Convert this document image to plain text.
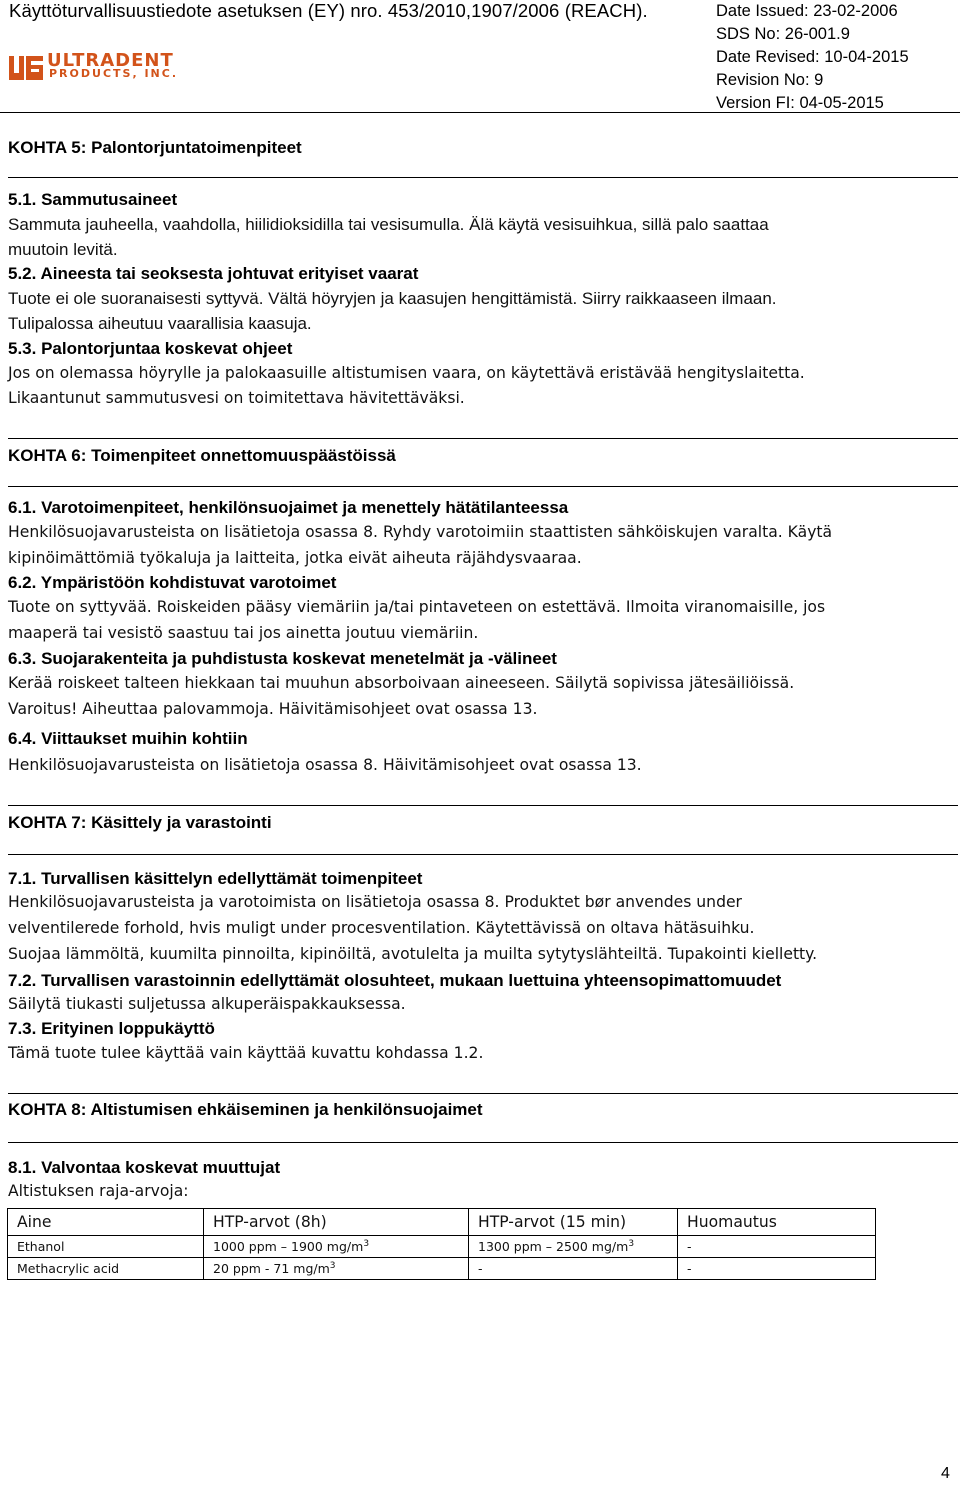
Käyttöturvallisuustiedote asetuksen (EY) nro. 453/2010,1907/2006 (REACH).	Date Issued: 23-02-2006
SDS No: 26-001.9
Date Revised: 10-04-2015
Revision No: 9
Version FI: 04-05-2015
ULTRADENT
PRODUCTS, INC.
KOHTA 5: Palontorjuntatoimenpiteet
5.1. Sammutusaineet
Sammuta jauheella, vaahdolla, hiilidioksidilla tai vesisumulla. Älä käytä vesisuihkua, sillä palo saattaa
muutoin levitä.
5.2. Aineesta tai seoksesta johtuvat erityiset vaarat
Tuote ei ole suoranaisesti syttyvä. Vältä höyryjen ja kaasujen hengittämistä. Siirry raikkaaseen ilmaan.
Tulipalossa aiheutuu vaarallisia kaasuja.
5.3. Palontorjuntaa koskevat ohjeet
Jos on olemassa höyrylle ja palokaasuille altistumisen vaara, on käytettävä eristävää hengityslaitetta.
Likaantunut sammutusvesi on toimitettava hävitettäväksi.
KOHTA 6: Toimenpiteet onnettomuuspäästöissä
6.1. Varotoimenpiteet, henkilönsuojaimet ja menettely hätätilanteessa
Henkilösuojavarusteista on lisätietoja osassa 8. Ryhdy varotoimiin staattisten sähköiskujen varalta. Käytä
kipinöimättömiä työkaluja ja laitteita, jotka eivät aiheuta räjähdysvaaraa.
6.2. Ympäristöön kohdistuvat varotoimet
Tuote on syttyvää. Roiskeiden pääsy viemäriin ja/tai pintaveteen on estettävä. Ilmoita viranomaisille, jos
maaperä tai vesistö saastuu tai jos ainetta joutuu viemäriin.
6.3. Suojarakenteita ja puhdistusta koskevat menetelmät ja -välineet
Kerää roiskeet talteen hiekkaan tai muuhun absorboivaan aineeseen. Säilytä sopivissa jätesäiliöissä.
Varoitus! Aiheuttaa palovammoja. Häivitämisohjeet ovat osassa 13.
6.4. Viittaukset muihin kohtiin
Henkilösuojavarusteista on lisätietoja osassa 8. Häivitämisohjeet ovat osassa 13.
KOHTA 7: Käsittely ja varastointi
7.1. Turvallisen käsittelyn edellyttämät toimenpiteet
Henkilösuojavarusteista ja varotoimista on lisätietoja osassa 8. Produktet bør anvendes under
velventilerede forhold, hvis muligt under procesventilation. Käytettävissä on oltava hätäsuihku.
Suojaa lämmöltä, kuumilta pinnoilta, kipinöiltä, avotulelta ja muilta sytytyslähteiltä. Tupakointi kielletty.
7.2. Turvallisen varastoinnin edellyttämät olosuhteet, mukaan luettuina yhteensopimattomuudet
Säilytä tiukasti suljetussa alkuperäispakkauksessa.
7.3. Erityinen loppukäyttö
Tämä tuote tulee käyttää vain käyttää kuvattu kohdassa 1.2.
KOHTA 8: Altistumisen ehkäiseminen ja henkilönsuojaimet
8.1. Valvontaa koskevat muuttujat
Altistuksen raja-arvoja:
Aine	HTP-arvot (8h)	HTP-arvot (15 min)	Huomautus
Ethanol	1000 ppm – 1900 $mg/m^3$	1300 ppm – 2500 $mg/m^3$	-
Methacrylic acid	20 ppm - 71 $mg/m^3$	-	-
4
